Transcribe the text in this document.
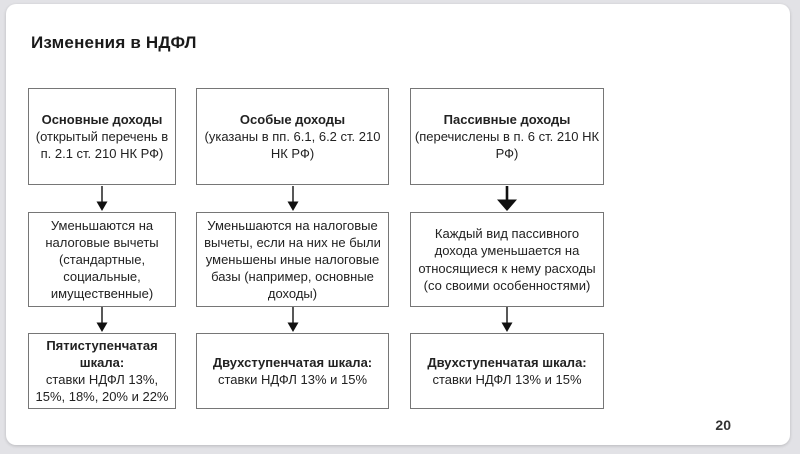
Изменения в НДФЛ
Основные доходы
(открытый перечень в п. 2.1 ст. 210 НК РФ)
Уменьшаются на налоговые вычеты (стандартные, социальные, имущественные)
Пятиступенчатая шкала:
ставки НДФЛ 13%, 15%, 18%, 20% и 22%
Особые доходы
(указаны в пп. 6.1, 6.2 ст. 210 НК РФ)
Уменьшаются на налоговые вычеты, если на них не были уменьшены иные налоговые базы (например, основные доходы)
Двухступенчатая шкала:
ставки НДФЛ 13% и 15%
Пассивные доходы
(перечислены в п. 6 ст. 210 НК РФ)
Каждый вид пассивного дохода уменьшается на относящиеся к нему расходы (со своими особенностями)
Двухступенчатая шкала:
ставки НДФЛ 13% и 15%
20
